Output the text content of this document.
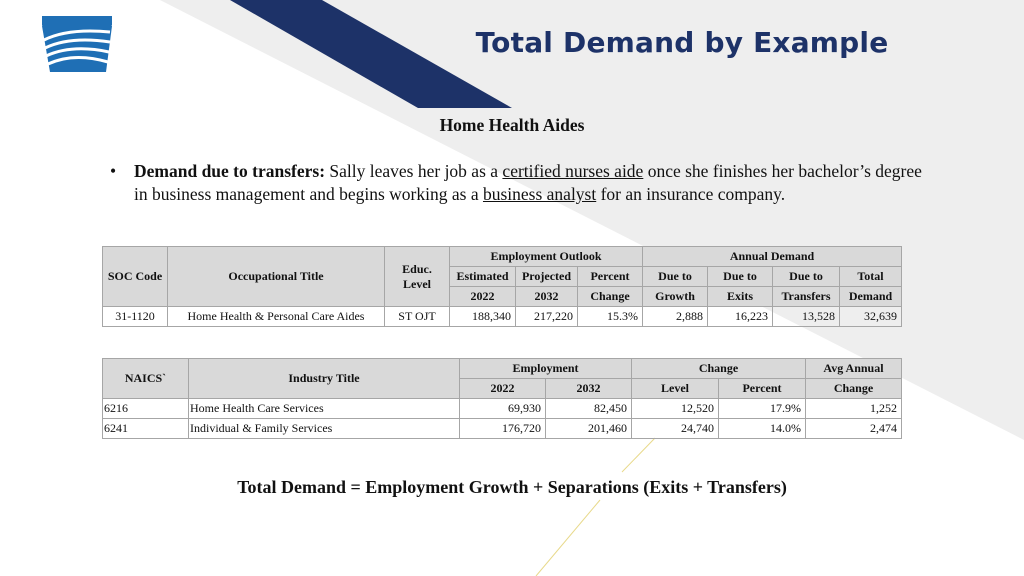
Total Demand by Example
Home Health Aides
• Demand due to transfers: Sally leaves her job as a certified nurses aide once she finishes her bachelor’s degree in business management and begins working as a business analyst for an insurance company.
SOC Code	Occupational Title	Educ. Level	Employment Outlook			Annual Demand			
			Estimated	Projected	Percent	Due to	Due to	Due to	Total
			2022	2032	Change	Growth	Exits	Transfers	Demand
31-1120	Home Health & Personal Care Aides	ST OJT	188,340	217,220	15.3%	2,888	16,223	13,528	32,639
NAICS`	Industry Title	Employment		Change		Avg Annual
		2022	2032	Level	Percent	Change
6216	Home Health Care Services	69,930	82,450	12,520	17.9%	1,252
6241	Individual & Family Services	176,720	201,460	24,740	14.0%	2,474
Total Demand = Employment Growth + Separations (Exits + Transfers)
